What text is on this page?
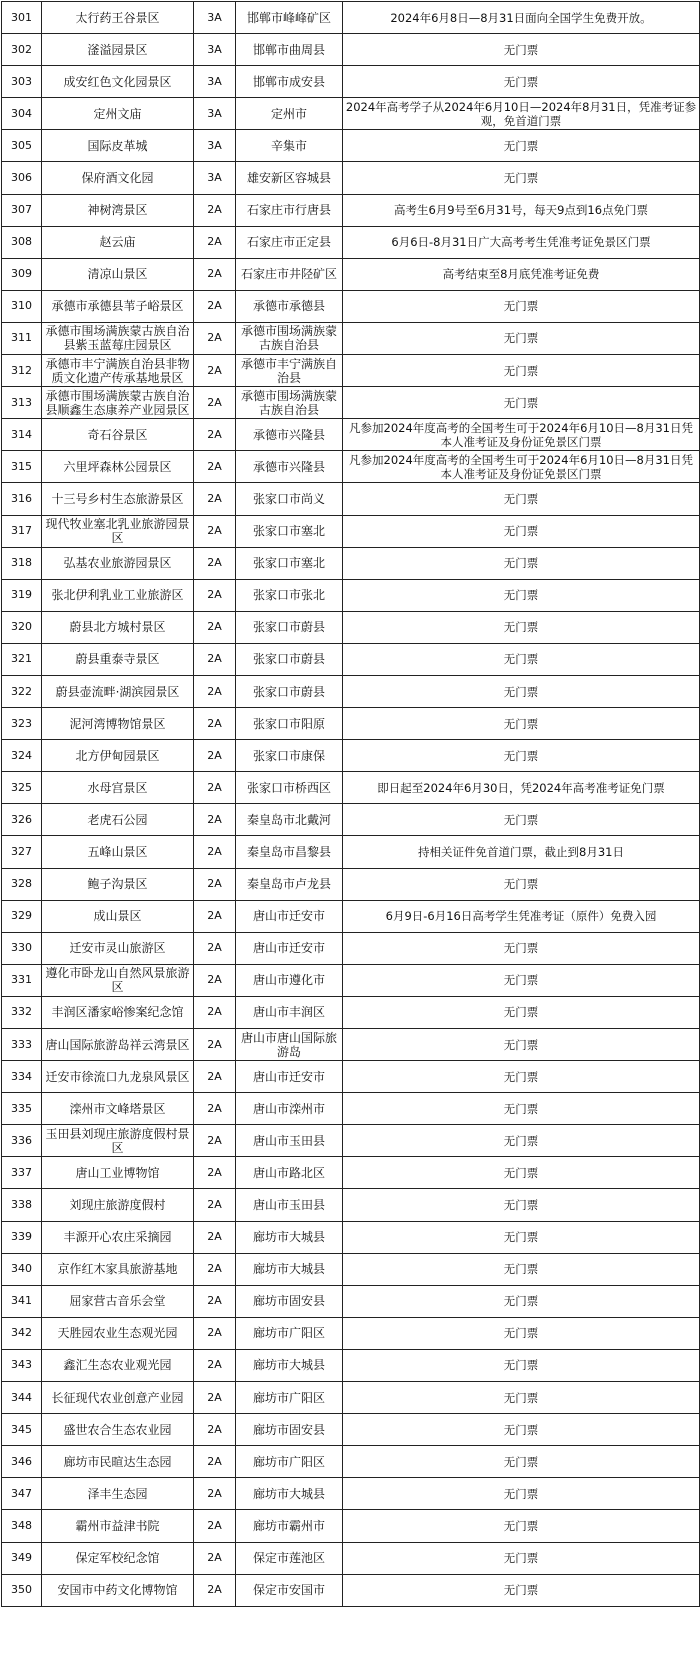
301	太行药王谷景区	3A	邯郸市峰峰矿区	2024年6月8日—8月31日面向全国学生免费开放。
302	滏溢园景区	3A	邯郸市曲周县	无门票
303	成安红色文化园景区	3A	邯郸市成安县	无门票
304	定州文庙	3A	定州市	2024年高考学子从2024年6月10日—2024年8月31日，凭准考证参观，免首道门票
305	国际皮革城	3A	辛集市	无门票
306	保府酒文化园	3A	雄安新区容城县	无门票
307	神树湾景区	2A	石家庄市行唐县	高考生6月9号至6月31号，每天9点到16点免门票
308	赵云庙	2A	石家庄市正定县	6月6日-8月31日广大高考考生凭准考证免景区门票
309	清凉山景区	2A	石家庄市井陉矿区	高考结束至8月底凭准考证免费
310	承德市承德县苇子峪景区	2A	承德市承德县	无门票
311	承德市围场满族蒙古族自治县紫玉蓝莓庄园景区	2A	承德市围场满族蒙古族自治县	无门票
312	承德市丰宁满族自治县非物质文化遗产传承基地景区	2A	承德市丰宁满族自治县	无门票
313	承德市围场满族蒙古族自治县顺鑫生态康养产业园景区	2A	承德市围场满族蒙古族自治县	无门票
314	奇石谷景区	2A	承德市兴隆县	凡参加2024年度高考的全国考生可于2024年6月10日—8月31日凭本人准考证及身份证免景区门票
315	六里坪森林公园景区	2A	承德市兴隆县	凡参加2024年度高考的全国考生可于2024年6月10日—8月31日凭本人准考证及身份证免景区门票
316	十三号乡村生态旅游景区	2A	张家口市尚义	无门票
317	现代牧业塞北乳业旅游园景区	2A	张家口市塞北	无门票
318	弘基农业旅游园景区	2A	张家口市塞北	无门票
319	张北伊利乳业工业旅游区	2A	张家口市张北	无门票
320	蔚县北方城村景区	2A	张家口市蔚县	无门票
321	蔚县重泰寺景区	2A	张家口市蔚县	无门票
322	蔚县壶流畔·湖滨园景区	2A	张家口市蔚县	无门票
323	泥河湾博物馆景区	2A	张家口市阳原	无门票
324	北方伊甸园景区	2A	张家口市康保	无门票
325	水母宫景区	2A	张家口市桥西区	即日起至2024年6月30日，凭2024年高考准考证免门票
326	老虎石公园	2A	秦皇岛市北戴河	无门票
327	五峰山景区	2A	秦皇岛市昌黎县	持相关证件免首道门票，截止到8月31日
328	鲍子沟景区	2A	秦皇岛市卢龙县	无门票
329	成山景区	2A	唐山市迁安市	6月9日-6月16日高考学生凭准考证（原件）免费入园
330	迁安市灵山旅游区	2A	唐山市迁安市	无门票
331	遵化市卧龙山自然风景旅游区	2A	唐山市遵化市	无门票
332	丰润区潘家峪惨案纪念馆	2A	唐山市丰润区	无门票
333	唐山国际旅游岛祥云湾景区	2A	唐山市唐山国际旅游岛	无门票
334	迁安市徐流口九龙泉风景区	2A	唐山市迁安市	无门票
335	滦州市文峰塔景区	2A	唐山市滦州市	无门票
336	玉田县刘现庄旅游度假村景区	2A	唐山市玉田县	无门票
337	唐山工业博物馆	2A	唐山市路北区	无门票
338	刘现庄旅游度假村	2A	唐山市玉田县	无门票
339	丰源开心农庄采摘园	2A	廊坊市大城县	无门票
340	京作红木家具旅游基地	2A	廊坊市大城县	无门票
341	屈家营古音乐会堂	2A	廊坊市固安县	无门票
342	天胜园农业生态观光园	2A	廊坊市广阳区	无门票
343	鑫汇生态农业观光园	2A	廊坊市大城县	无门票
344	长征现代农业创意产业园	2A	廊坊市广阳区	无门票
345	盛世农合生态农业园	2A	廊坊市固安县	无门票
346	廊坊市民暄达生态园	2A	廊坊市广阳区	无门票
347	泽丰生态园	2A	廊坊市大城县	无门票
348	霸州市益津书院	2A	廊坊市霸州市	无门票
349	保定军校纪念馆	2A	保定市莲池区	无门票
350	安国市中药文化博物馆	2A	保定市安国市	无门票
